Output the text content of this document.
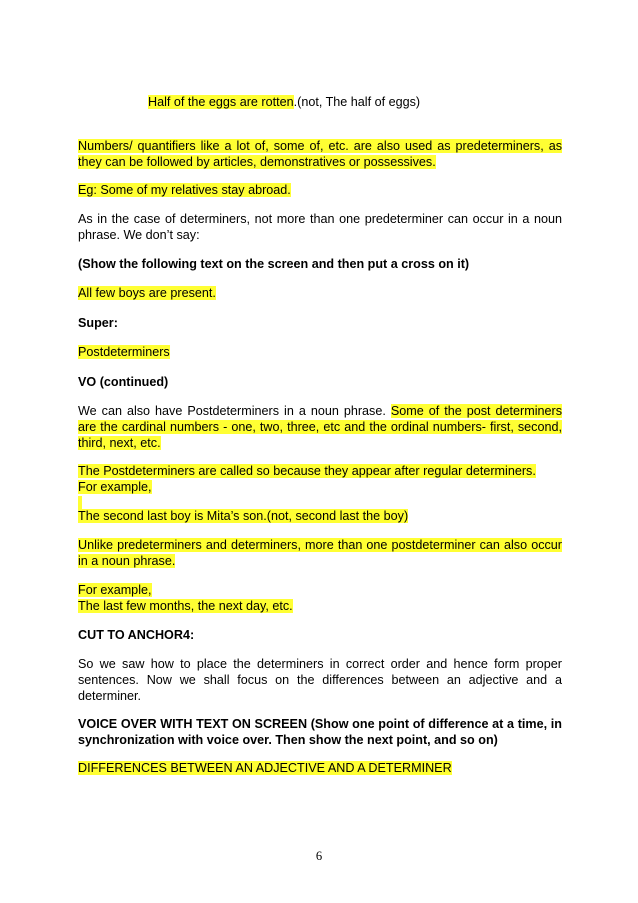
Half of the eggs are rotten.(not, The half of eggs)
Numbers/ quantifiers like a lot of, some of, etc. are also used as predeterminers, as they can be followed by articles, demonstratives or possessives.
Eg: Some of my relatives stay abroad.
As in the case of determiners, not more than one predeterminer can occur in a noun phrase. We don’t say:
(Show the following text on the screen and then put a cross on it)
All few boys are present.
Super:
Postdeterminers
VO (continued)
We can also have Postdeterminers in a noun phrase. Some of the post determiners are the cardinal numbers - one, two, three, etc and the ordinal numbers- first, second, third, next, etc.
The Postdeterminers are called so because they appear after regular determiners.
For example,

The second last boy is Mita’s son.(not, second last the boy)
Unlike predeterminers and determiners, more than one postdeterminer can also occur in a noun phrase.
For example,
The last few months, the next day, etc.
CUT TO ANCHOR4:
So we saw how to place the determiners in correct order and hence form proper sentences. Now we shall focus on the differences between an adjective and a determiner.
VOICE OVER WITH TEXT ON SCREEN (Show one point of difference at a time, in synchronization with voice over. Then show the next point, and so on)
DIFFERENCES BETWEEN AN ADJECTIVE AND A DETERMINER
6
